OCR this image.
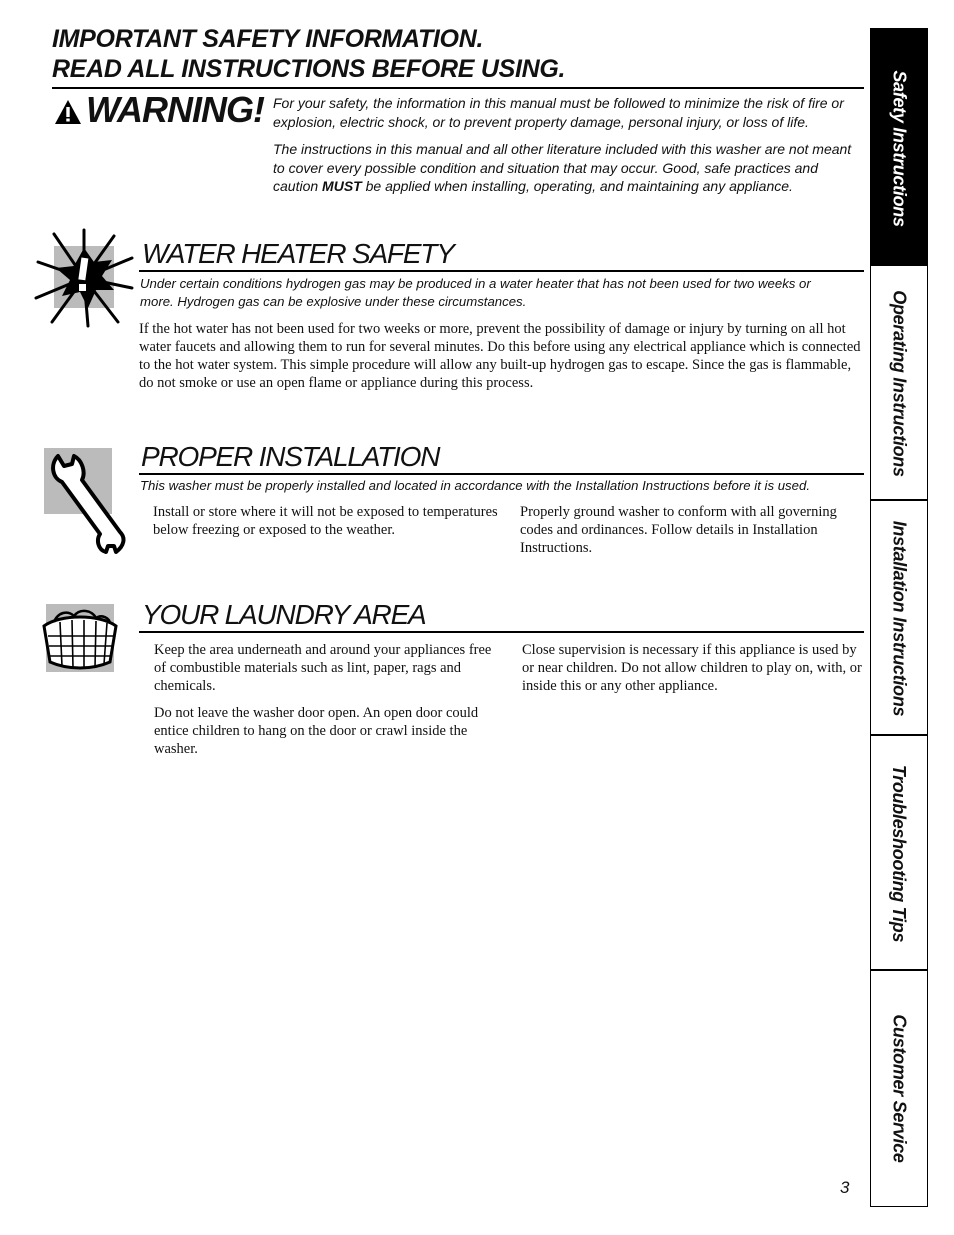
IMPORTANT SAFETY INFORMATION.
READ ALL INSTRUCTIONS BEFORE USING.
WARNING! For your safety, the information in this manual must be followed to minimize the risk of fire or explosion, electric shock, or to prevent property damage, personal injury, or loss of life.

The instructions in this manual and all other literature included with this washer are not meant to cover every possible condition and situation that may occur. Good, safe practices and caution MUST be applied when installing, operating, and maintaining any appliance.

WATER HEATER SAFETY
Under certain conditions hydrogen gas may be produced in a water heater that has not been used for two weeks or more. Hydrogen gas can be explosive under these circumstances.
If the hot water has not been used for two weeks or more, prevent the possibility of damage or injury by turning on all hot water faucets and allowing them to run for several minutes. Do this before using any electrical appliance which is connected to the hot water system. This simple procedure will allow any built-up hydrogen gas to escape. Since the gas is flammable, do not smoke or use an open flame or appliance during this process.
PROPER INSTALLATION
This washer must be properly installed and located in accordance with the Installation Instructions before it is used.
Install or store where it will not be exposed to temperatures below freezing or exposed to the weather.
Properly ground washer to conform with all governing codes and ordinances. Follow details in Installation Instructions.
YOUR LAUNDRY AREA

Keep the area underneath and around your appliances free of combustible materials such as lint, paper, rags and chemicals.

Do not leave the washer door open. An open door could entice children to hang on the door or crawl inside the washer.

Close supervision is necessary if this appliance is used by or near children. Do not allow children to play on, with, or inside this or any other appliance.
Safety Instructions
Operating Instructions
Installation Instructions
Troubleshooting Tips
Customer Service
3
